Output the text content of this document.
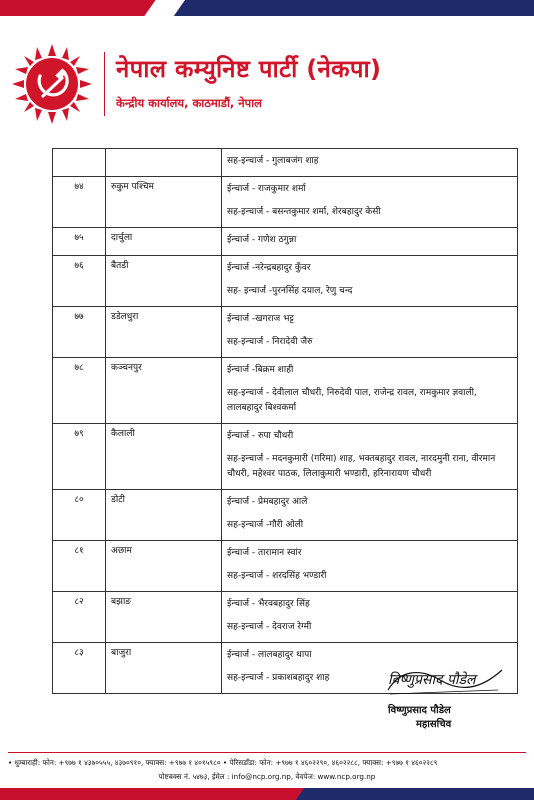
नेपाल कम्युनिष्ट पार्टी (नेकपा)
केन्द्रीय कार्यालय, काठमाडौं, नेपाल

		सह-इन्चार्ज - गुलाबजंग शाह

७४	रुकुम पश्चिम	ईन्चार्ज - राजकुमार शर्मा
सह-इन्चार्ज - बसन्तकुमार शर्मा, शेरबहादुर केसी

७५	दार्चुला	ईन्चार्ज - गणेश ठगुन्ना

७६	बैतडी	ईन्चार्ज -नरेन्द्रबहादुर कुँवर
सह- इन्चार्ज -पुरनसिंह दयाल, रेणु चन्द

७७	डडेलधुरा	ईन्चार्ज -खगराज भट्ट
सह-इन्चार्ज - निरादेवी जैरु

७८	कञ्चनपुर	ईन्चार्ज -बिक्रम शाही
सह-इन्चार्ज - देवीलाल चौधरी, निरुदेवी पाल, राजेन्द्र रावल, रामकुमार ज्ञवाली, लालबहादुर बिश्वकर्मा

७९	कैलाली	ईन्चार्ज - रुपा चौधरी
सह-इन्चार्ज - मदनकुमारी (गरिमा) शाह, भक्तबहादुर रावल, नारदमुनी राना, वीरमान चौधरी, महेश्वर पाठक, लिलाकुमारी भण्डारी, हरिनारायण चौधरी

८०	डोटी	ईन्चार्ज - प्रेमबहादुर आले
सह-इन्चार्ज -गौरी ओली

८१	अछाम	ईन्चार्ज - तारामान स्वांर
सह-इन्चार्ज - शरदसिंह भण्डारी

८२	बझाङ	ईन्चार्ज - भैरवबहादुर सिंह
सह-इन्चार्ज - देवराज रेग्मी

८३	बाजुरा	ईन्चार्ज - लालबहादुर थापा
सह-इन्चार्ज - प्रकाशबहादुर शाह	विष्णुप्रसाद पौडेल
विष्णुप्रसाद पौडेल
महासचिव
• धुम्बाराही: फोन: +९७७ १ ४३७०५५५, ४३७०९१०, फ्याक्स: +९७७ १ ४०१५९८० • पेरिसडाँडा: फोन: +९७७ १ ४६०२२९०, ४६०२२८८, फ्याक्स: +९७७ १ ४६०२२८९
पोष्टबक्स नं. ५४७३, ईमेल : info@ncp.org.np, वेवपेज: www.ncp.org.np
